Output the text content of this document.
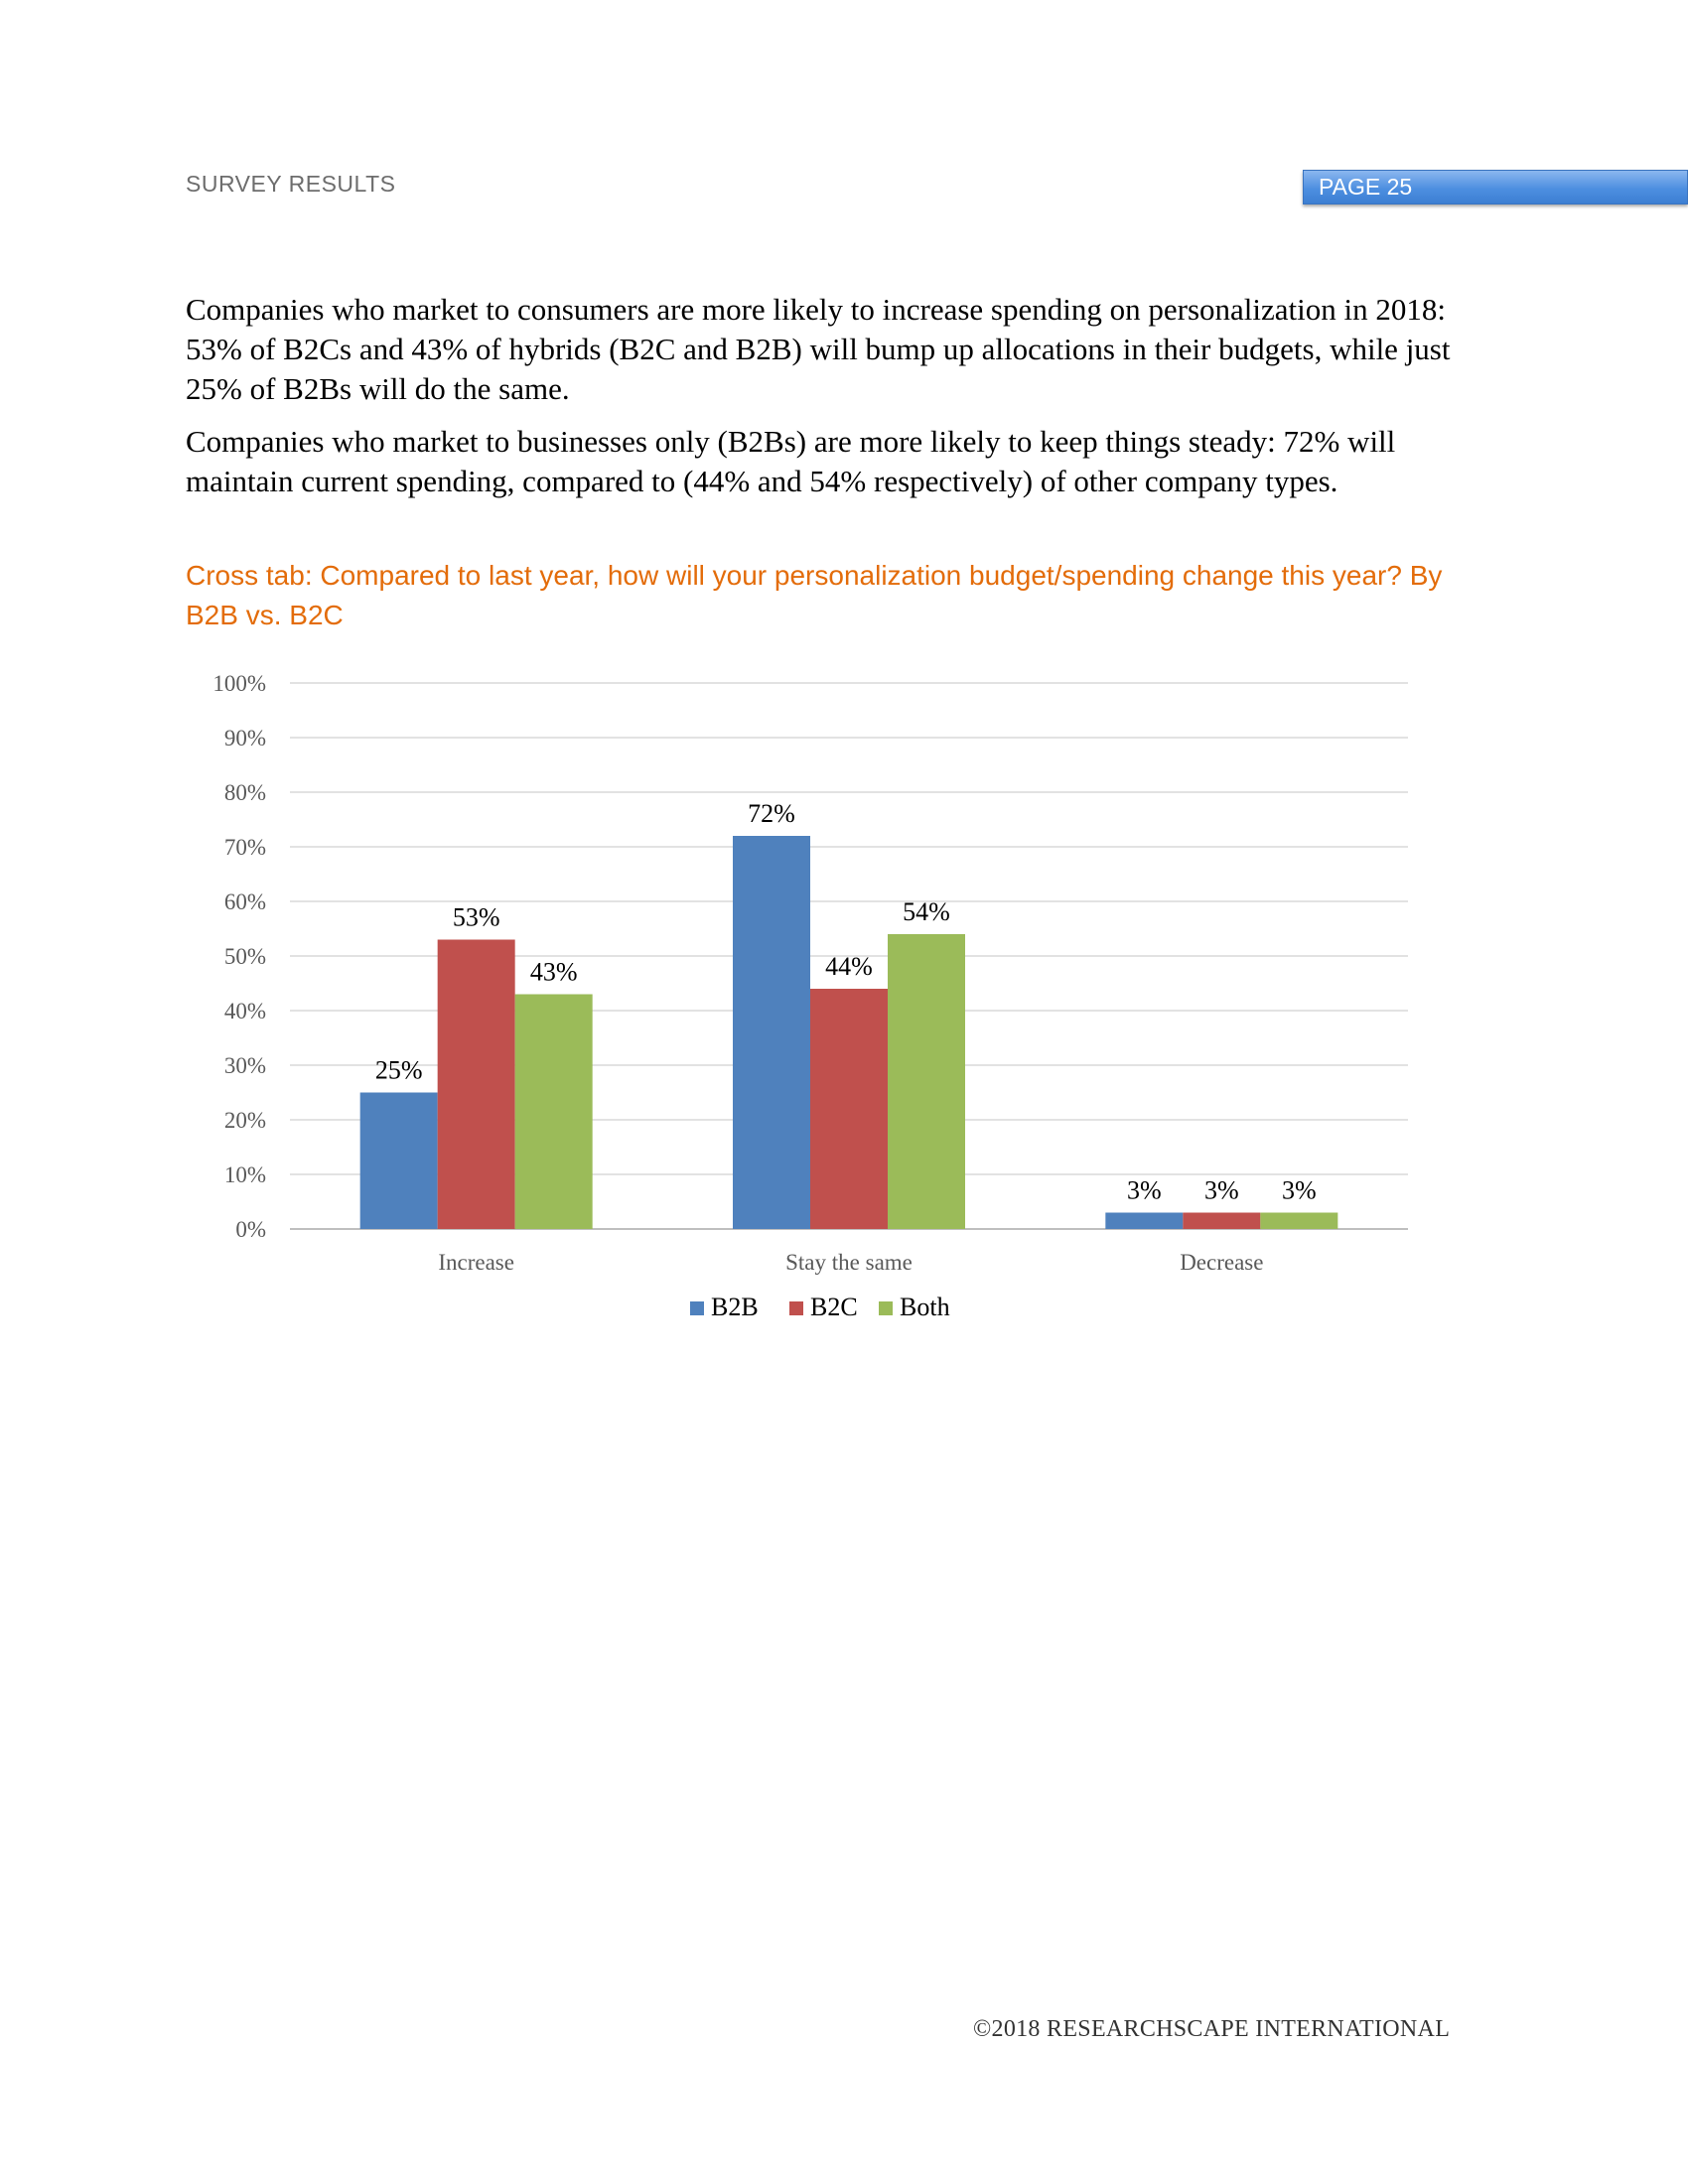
SURVEY RESULTS	PAGE 25

Companies who market to consumers are more likely to increase spending on personalization in 2018: 53% of B2Cs and 43% of hybrids (B2C and B2B) will bump up allocations in their budgets, while just 25% of B2Bs will do the same.

Companies who market to businesses only (B2Bs) are more likely to keep things steady: 72% will maintain current spending, compared to (44% and 54% respectively) of other company types.

Cross tab: Compared to last year, how will your personalization budget/spending change this year? By B2B vs. B2C

0%
10%
20%
30%
40%
50%
60%
70%
80%
90%
100%
25%
53%
43%
Increase
72%
44%
54%
Stay the same
3% 3% 3%
Decrease
B2B B2C Both
©2018 RESEARCHSCAPE INTERNATIONAL
